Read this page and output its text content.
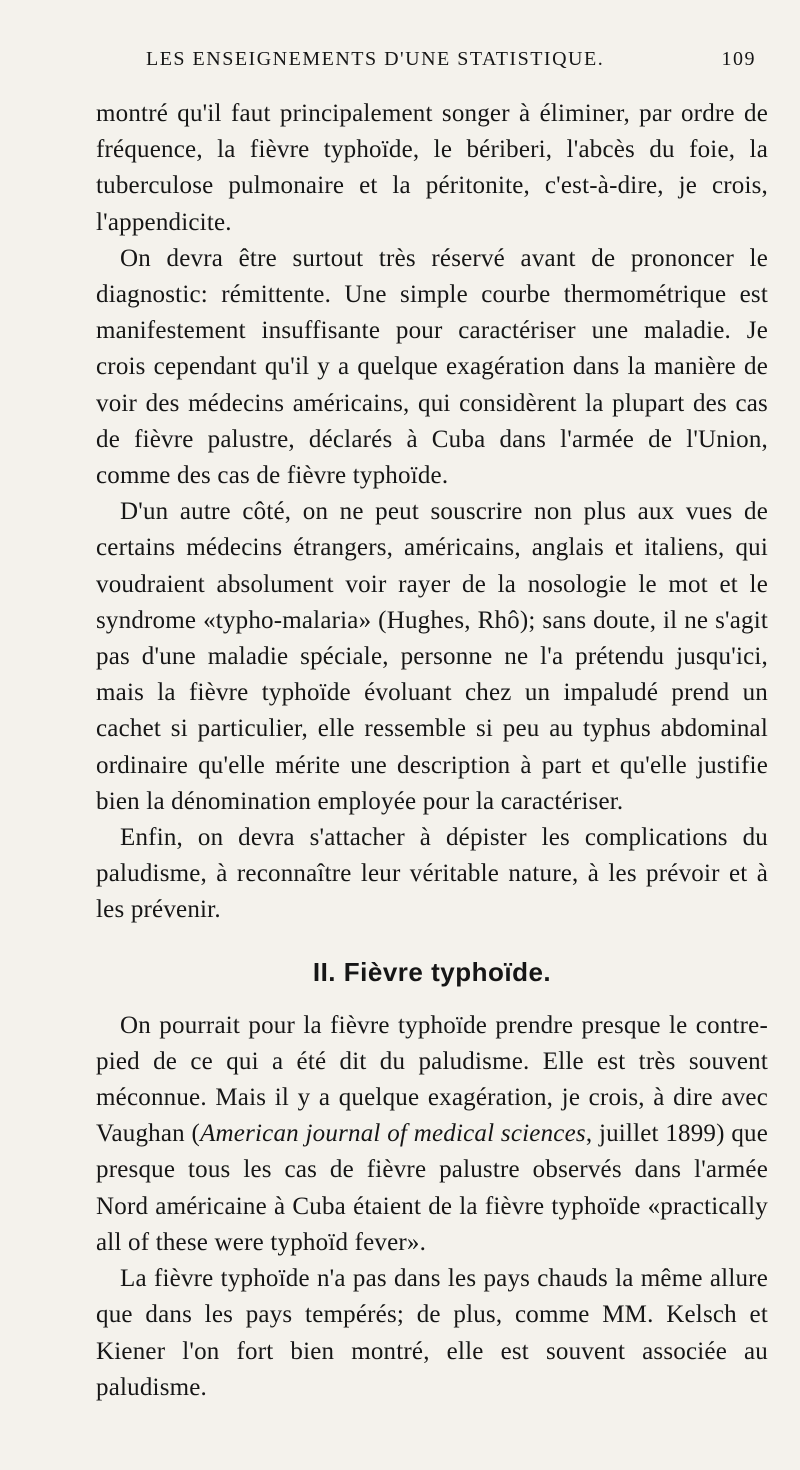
LES ENSEIGNEMENTS D'UNE STATISTIQUE.	109

montré qu'il faut principalement songer à éliminer, par ordre de fréquence, la fièvre typhoïde, le bériberi, l'abcès du foie, la tuberculose pulmonaire et la péritonite, c'est-à-dire, je crois, l'appendicite.

On devra être surtout très réservé avant de prononcer le diagnostic: rémittente. Une simple courbe thermométrique est manifestement insuffisante pour caractériser une maladie. Je crois cependant qu'il y a quelque exagération dans la manière de voir des médecins américains, qui considèrent la plupart des cas de fièvre palustre, déclarés à Cuba dans l'armée de l'Union, comme des cas de fièvre typhoïde.

D'un autre côté, on ne peut souscrire non plus aux vues de certains médecins étrangers, américains, anglais et italiens, qui voudraient absolument voir rayer de la nosologie le mot et le syndrome «typho-malaria» (Hughes, Rhô); sans doute, il ne s'agit pas d'une maladie spéciale, personne ne l'a prétendu jusqu'ici, mais la fièvre typhoïde évoluant chez un impaludé prend un cachet si particulier, elle ressemble si peu au typhus abdominal ordinaire qu'elle mérite une description à part et qu'elle justifie bien la dénomination employée pour la caractériser.

Enfin, on devra s'attacher à dépister les complications du paludisme, à reconnaître leur véritable nature, à les prévoir et à les prévenir.

II. Fièvre typhoïde.

On pourrait pour la fièvre typhoïde prendre presque le contre-pied de ce qui a été dit du paludisme. Elle est très souvent méconnue. Mais il y a quelque exagération, je crois, à dire avec Vaughan (American journal of medical sciences, juillet 1899) que presque tous les cas de fièvre palustre observés dans l'armée Nord américaine à Cuba étaient de la fièvre typhoïde «practically all of these were typhoïd fever».

La fièvre typhoïde n'a pas dans les pays chauds la même allure que dans les pays tempérés; de plus, comme MM. Kelsch et Kiener l'on fort bien montré, elle est souvent associée au paludisme.
